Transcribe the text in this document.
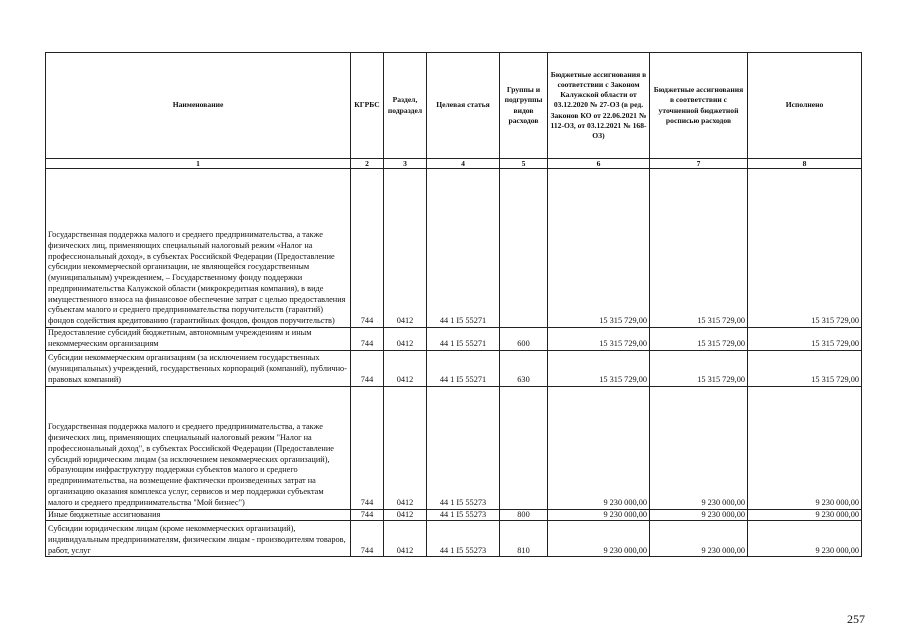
Наименование	КГРБС	Раздел, подраздел	Целевая статья	Группы и подгруппы видов расходов	Бюджетные ассигнования в соответствии с Законом Калужской области от 03.12.2020 № 27-ОЗ (в ред. Законов КО от 22.06.2021 № 112-ОЗ, от 03.12.2021 № 168-ОЗ)	Бюджетные ассигнования в соответствии с уточненной бюджетной росписью расходов	Исполнено
1	2	3	4	5	6	7	8
Государственная поддержка малого и среднего предпринимательства, а также физических лиц, применяющих специальный налоговый режим «Налог на профессиональный доход», в субъектах Российской Федерации (Предоставление субсидии некоммерческой организации, не являющейся государственным (муниципальным) учреждением, – Государственному фонду поддержки предпринимательства Калужской области (микрокредитная компания), в виде имущественного взноса на финансовое обеспечение затрат с целью предоставления субъектам малого и среднего предпринимательства поручительств (гарантий) фондов содействия кредитованию (гарантийных фондов, фондов поручительств)	744	0412	44 1 I5 55271		15 315 729,00	15 315 729,00	15 315 729,00
Предоставление субсидий бюджетным, автономным учреждениям и иным некоммерческим организациям	744	0412	44 1 I5 55271	600	15 315 729,00	15 315 729,00	15 315 729,00
Субсидии некоммерческим организациям (за исключением государственных (муниципальных) учреждений, государственных корпораций (компаний), публично-правовых компаний)	744	0412	44 1 I5 55271	630	15 315 729,00	15 315 729,00	15 315 729,00
Государственная поддержка малого и среднего предпринимательства, а также физических лиц, применяющих специальный налоговый режим "Налог на профессиональный доход", в субъектах Российской Федерации (Предоставление субсидий юридическим лицам (за исключением некоммерческих организаций), образующим инфраструктуру поддержки субъектов малого и среднего предпринимательства, на возмещение фактически произведенных затрат на организацию оказания комплекса услуг, сервисов и мер поддержки субъектам малого и среднего предпринимательства "Мой бизнес")	744	0412	44 1 I5 55273		9 230 000,00	9 230 000,00	9 230 000,00
Иные бюджетные ассигнования	744	0412	44 1 I5 55273	800	9 230 000,00	9 230 000,00	9 230 000,00
Субсидии юридическим лицам (кроме некоммерческих организаций), индивидуальным предпринимателям, физическим лицам - производителям товаров, работ, услуг	744	0412	44 1 I5 55273	810	9 230 000,00	9 230 000,00	9 230 000,00
257
